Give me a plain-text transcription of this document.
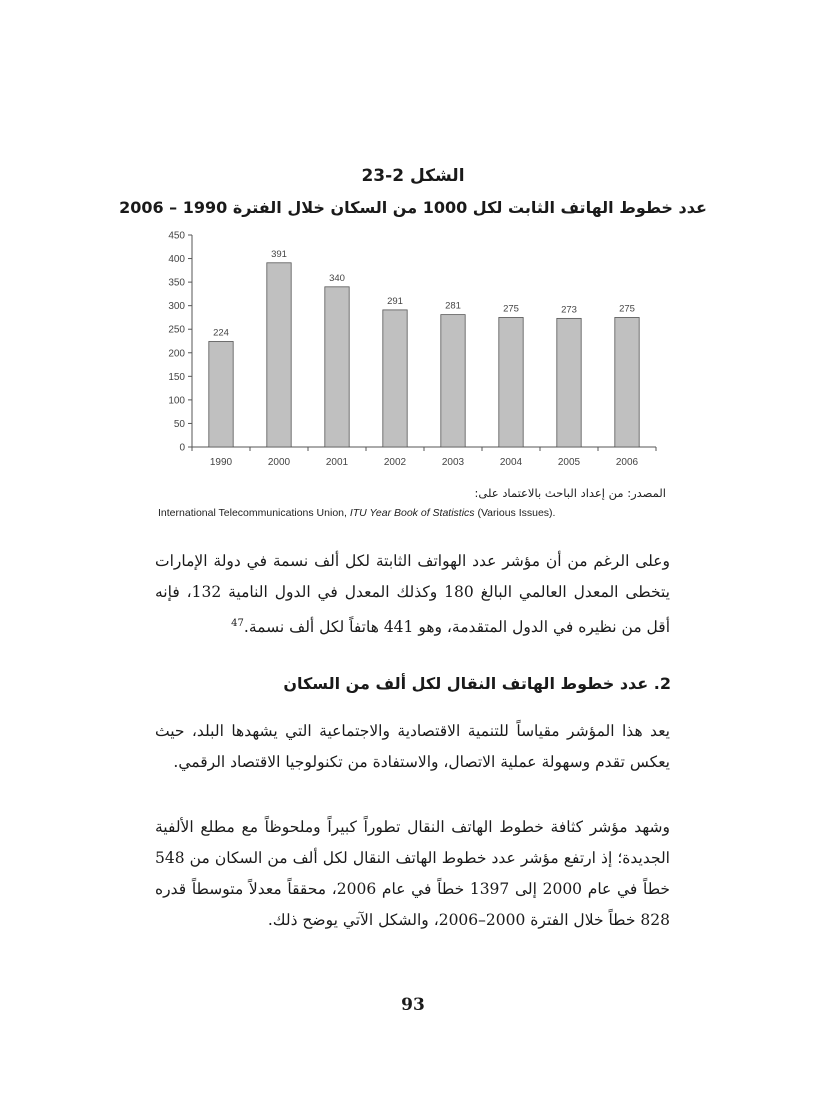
الشكل 2-23
عدد خطوط الهاتف الثابت لكل 1000 من السكان خلال الفترة 1990 – 2006
0
50
100
150
200
250
300
350
400
450
224
1990
391
2000
340
2001
291
2002
281
2003
275
2004
273
2005
275
2006
المصدر: من إعداد الباحث بالاعتماد على:
International Telecommunications Union, ITU Year Book of Statistics (Various Issues).
وعلى الرغم من أن مؤشر عدد الهواتف الثابتة لكل ألف نسمة في دولة الإمارات يتخطى المعدل العالمي البالغ 180 وكذلك المعدل في الدول النامية 132، فإنه أقل من نظيره في الدول المتقدمة، وهو 441 هاتفاً لكل ألف نسمة.$^{47}$
2. عدد خطوط الهاتف النقال لكل ألف من السكان
يعد هذا المؤشر مقياساً للتنمية الاقتصادية والاجتماعية التي يشهدها البلد، حيث يعكس تقدم وسهولة عملية الاتصال، والاستفادة من تكنولوجيا الاقتصاد الرقمي.
وشهد مؤشر كثافة خطوط الهاتف النقال تطوراً كبيراً وملحوظاً مع مطلع الألفية الجديدة؛ إذ ارتفع مؤشر عدد خطوط الهاتف النقال لكل ألف من السكان من 548 خطاً في عام 2000 إلى 1397 خطاً في عام 2006، محققاً معدلاً متوسطاً قدره 828 خطاً خلال الفترة 2000–2006، والشكل الآتي يوضح ذلك.
93
